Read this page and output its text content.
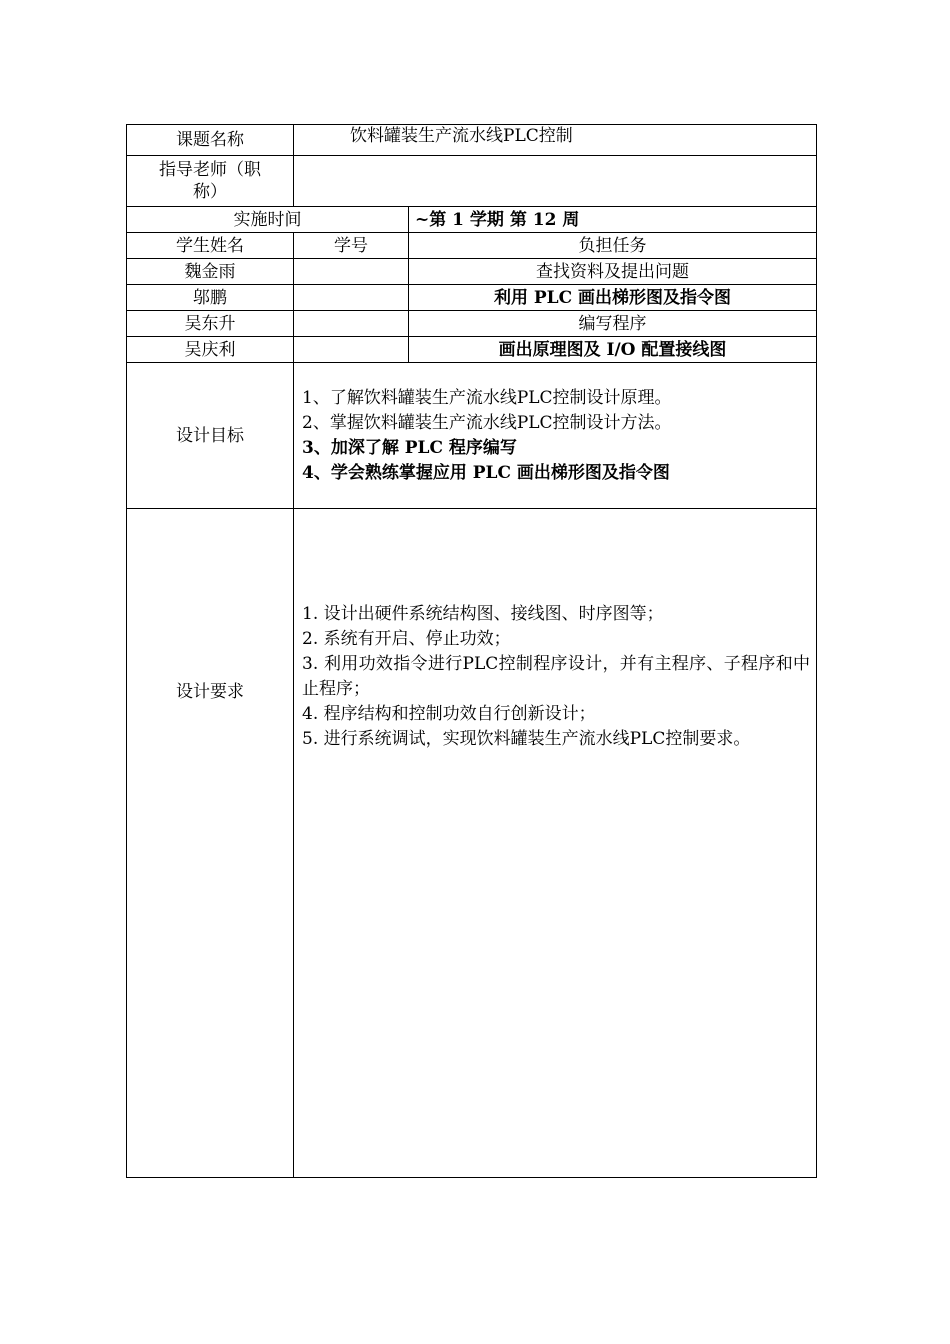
课题名称	饮料罐装生产流水线PLC控制	
指导老师（职称）		
实施时间		~第 1 学期 第 12 周
学生姓名	学号	负担任务
魏金雨		查找资料及提出问题
邬鹏		利用 PLC 画出梯形图及指令图
吴东升		编写程序
吴庆利		画出原理图及 I/O 配置接线图
设计目标	1、了解饮料罐装生产流水线PLC控制设计原理。
2、掌握饮料罐装生产流水线PLC控制设计方法。
3、加深了解 PLC 程序编写
4、学会熟练掌握应用 PLC 画出梯形图及指令图	

设计要求	1. 设计出硬件系统结构图、接线图、时序图等；
2. 系统有开启、停止功效；
3. 利用功效指令进行PLC控制程序设计，并有主程序、子程序和中止程序；
4. 程序结构和控制功效自行创新设计；
5. 进行系统调试，实现饮料罐装生产流水线PLC控制要求。	
